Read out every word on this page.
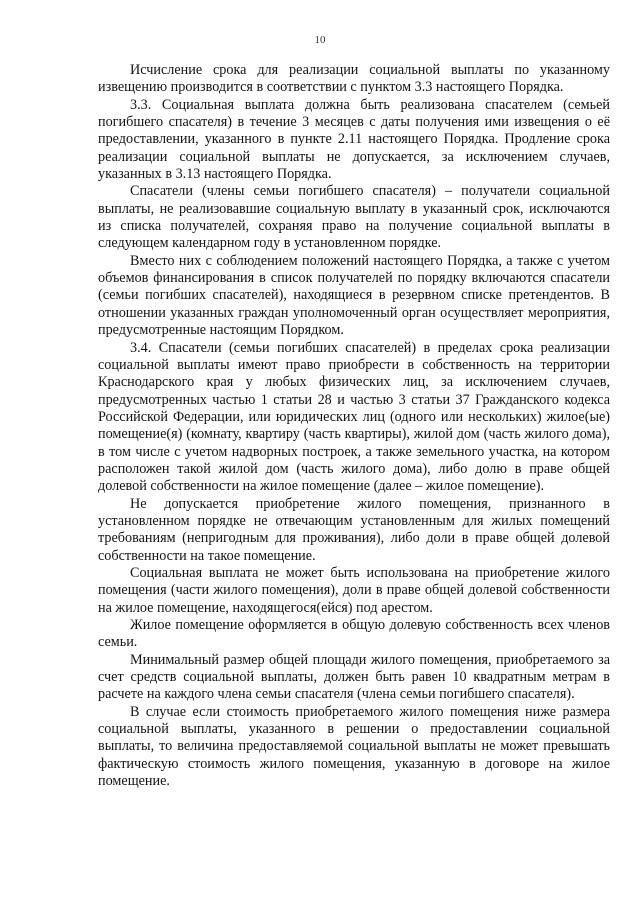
10

Исчисление срока для реализации социальной выплаты по указанному извещению производится в соответствии с пунктом 3.3 настоящего Порядка.

3.3. Социальная выплата должна быть реализована спасателем (семьей погибшего спасателя) в течение 3 месяцев с даты получения ими извещения о её предоставлении, указанного в пункте 2.11 настоящего Порядка. Продление срока реализации социальной выплаты не допускается, за исключением случаев, указанных в 3.13 настоящего Порядка.

Спасатели (члены семьи погибшего спасателя) – получатели социальной выплаты, не реализовавшие социальную выплату в указанный срок, исключаются из списка получателей, сохраняя право на получение социальной выплаты в следующем календарном году в установленном порядке.

Вместо них с соблюдением положений настоящего Порядка, а также с учетом объемов финансирования в список получателей по порядку включаются спасатели (семьи погибших спасателей), находящиеся в резервном списке претендентов. В отношении указанных граждан уполномоченный орган осуществляет мероприятия, предусмотренные настоящим Порядком.

3.4. Спасатели (семьи погибших спасателей) в пределах срока реализации социальной выплаты имеют право приобрести в собственность на территории Краснодарского края у любых физических лиц, за исключением случаев, предусмотренных частью 1 статьи 28 и частью 3 статьи 37 Гражданского кодекса Российской Федерации, или юридических лиц (одного или нескольких) жилое(ые) помещение(я) (комнату, квартиру (часть квартиры), жилой дом (часть жилого дома), в том числе с учетом надворных построек, а также земельного участка, на котором расположен такой жилой дом (часть жилого дома), либо долю в праве общей долевой собственности на жилое помещение (далее – жилое помещение).

Не допускается приобретение жилого помещения, признанного в установленном порядке не отвечающим установленным для жилых помещений требованиям (непригодным для проживания), либо доли в праве общей долевой собственности на такое помещение.

Социальная выплата не может быть использована на приобретение жилого помещения (части жилого помещения), доли в праве общей долевой собственности на жилое помещение, находящегося(ейся) под арестом.

Жилое помещение оформляется в общую долевую собственность всех членов семьи.

Минимальный размер общей площади жилого помещения, приобретаемого за счет средств социальной выплаты, должен быть равен 10 квадратным метрам в расчете на каждого члена семьи спасателя (члена семьи погибшего спасателя).

В случае если стоимость приобретаемого жилого помещения ниже размера социальной выплаты, указанного в решении о предоставлении социальной выплаты, то величина предоставляемой социальной выплаты не может превышать фактическую стоимость жилого помещения, указанную в договоре на жилое помещение.
